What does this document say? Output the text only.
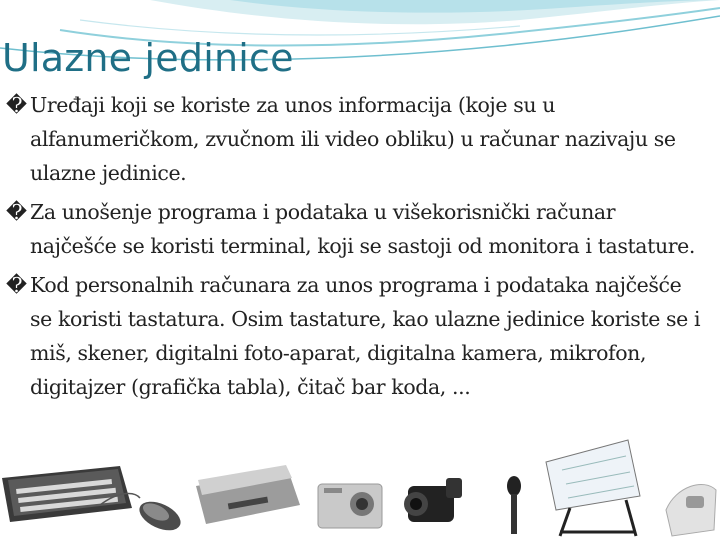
Ulazne jedinice
� Uređaji koji se koriste za unos informacija (koje su u alfanumeričkom, zvučnom ili video obliku) u računar nazivaju se ulazne jedinice.
� Za unošenje programa i podataka u višekorisnički računar najčešće se koristi terminal, koji se sastoji od monitora i tastature.
� Kod personalnih računara za unos programa i podataka najčešće se koristi tastatura. Osim tastature, kao ulazne jedinice koriste se i miš, skener, digitalni foto-aparat, digitalna kamera, mikrofon, digitajzer (grafička tabla), čitač bar koda, ...
